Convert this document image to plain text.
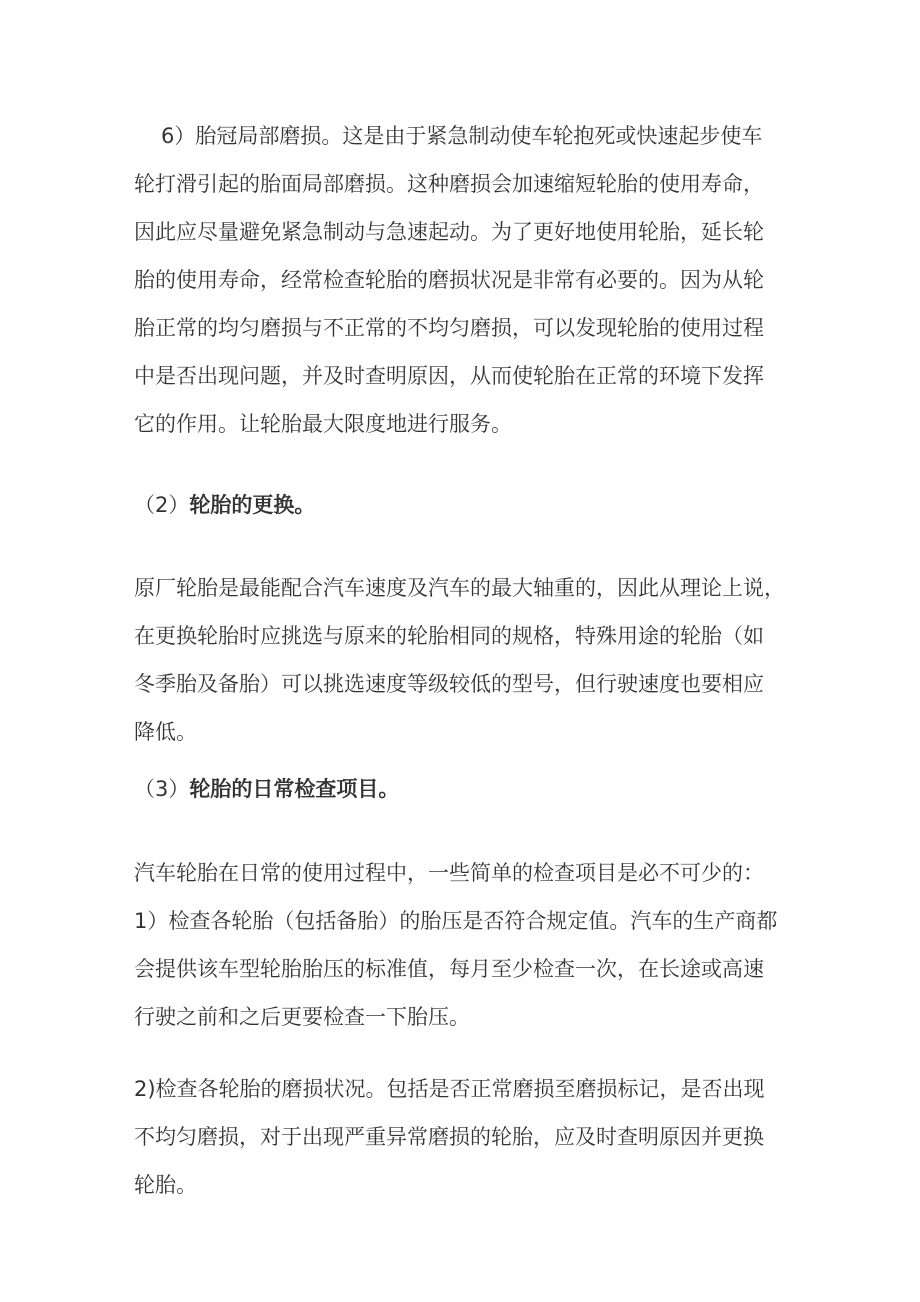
6）胎冠局部磨损。这是由于紧急制动使车轮抱死或快速起步使车
轮打滑引起的胎面局部磨损。这种磨损会加速缩短轮胎的使用寿命，
因此应尽量避免紧急制动与急速起动。为了更好地使用轮胎，延长轮
胎的使用寿命，经常检查轮胎的磨损状况是非常有必要的。因为从轮
胎正常的均匀磨损与不正常的不均匀磨损，可以发现轮胎的使用过程
中是否出现问题，并及时查明原因，从而使轮胎在正常的环境下发挥
它的作用。让轮胎最大限度地进行服务。
（2）轮胎的更换。
原厂轮胎是最能配合汽车速度及汽车的最大轴重的，因此从理论上说，
在更换轮胎时应挑选与原来的轮胎相同的规格，特殊用途的轮胎（如
冬季胎及备胎）可以挑选速度等级较低的型号，但行驶速度也要相应
降低。
（3）轮胎的日常检查项目。
汽车轮胎在日常的使用过程中，一些简单的检查项目是必不可少的：
1）检查各轮胎（包括备胎）的胎压是否符合规定值。汽车的生产商都
会提供该车型轮胎胎压的标准值，每月至少检查一次，在长途或高速
行驶之前和之后更要检查一下胎压。
2)检查各轮胎的磨损状况。包括是否正常磨损至磨损标记，是否出现
不均匀磨损，对于出现严重异常磨损的轮胎，应及时查明原因并更换
轮胎。
